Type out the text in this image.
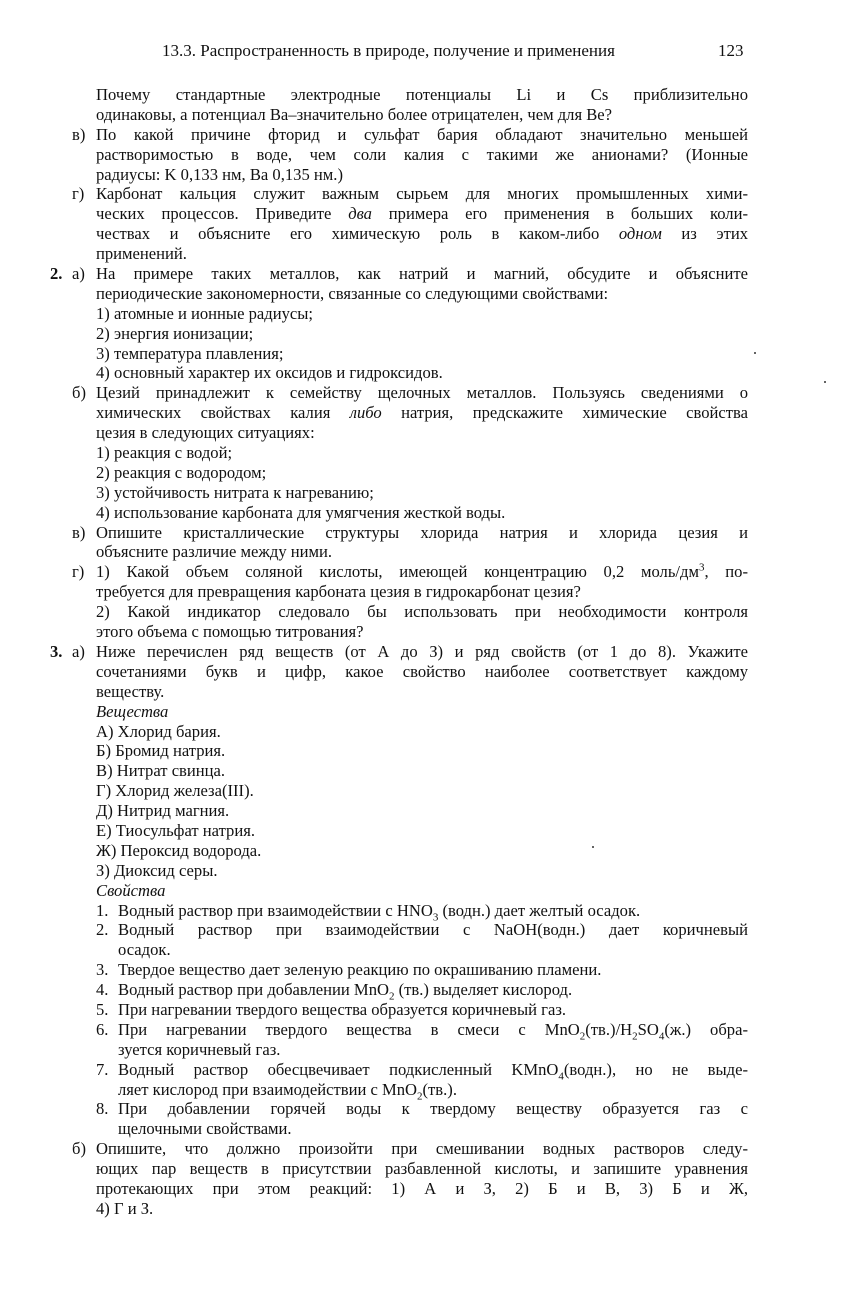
13.3. Распространенность в природе, получение и применения	123
Почему стандартные электродные потенциалы Li и Cs приблизительно
одинаковы, а потенциал Ba–значительно более отрицателен, чем для Be?
в) По какой причине фторид и сульфат бария обладают значительно меньшей
растворимостью в воде, чем соли калия с такими же анионами? (Ионные
радиусы: K 0,133 нм, Ba 0,135 нм.)
г) Карбонат кальция служит важным сырьем для многих промышленных хими-
ческих процессов. Приведите два примера его применения в больших коли-
чествах и объясните его химическую роль в каком-либо одном из этих
применений.
2. а) На примере таких металлов, как натрий и магний, обсудите и объясните
периодические закономерности, связанные со следующими свойствами:
1) атомные и ионные радиусы;
2) энергия ионизации;
3) температура плавления;
4) основный характер их оксидов и гидроксидов.
б) Цезий принадлежит к семейству щелочных металлов. Пользуясь сведениями о
химических свойствах калия либо натрия, предскажите химические свойства
цезия в следующих ситуациях:
1) реакция с водой;
2) реакция с водородом;
3) устойчивость нитрата к нагреванию;
4) использование карбоната для умягчения жесткой воды.
в) Опишите кристаллические структуры хлорида натрия и хлорида цезия и
объясните различие между ними.
г) 1) Какой объем соляной кислоты, имеющей концентрацию 0,2 моль/$дм^3$, по-
требуется для превращения карбоната цезия в гидрокарбонат цезия?
2) Какой индикатор следовало бы использовать при необходимости контроля
этого объема с помощью титрования?
3. а) Ниже перечислен ряд веществ (от А до З) и ряд свойств (от 1 до 8). Укажите
сочетаниями букв и цифр, какое свойство наиболее соответствует каждому
веществу.
Вещества
А) Хлорид бария.
Б) Бромид натрия.
В) Нитрат свинца.
Г) Хлорид железа(III).
Д) Нитрид магния.
Е) Тиосульфат натрия.
Ж) Пероксид водорода.
З) Диоксид серы.
Свойства
1. Водный раствор при взаимодействии с $HNO_3$ (водн.) дает желтый осадок.
2. Водный раствор при взаимодействии с NaOH(водн.) дает коричневый
осадок.
3. Твердое вещество дает зеленую реакцию по окрашиванию пламени.
4. Водный раствор при добавлении MnO$_2$ (тв.) выделяет кислород.
5. При нагревании твердого вещества образуется коричневый газ.
6. При нагревании твердого вещества в смеси с $MnO_2(тв.)/H_2SO_4(ж.)$ обра-
зуется коричневый газ.
7. Водный раствор обесцвечивает подкисленный KMnO$_4$(водн.), но не выде-
ляет кислород при взаимодействии с MnO$_2$(тв.).
8. При добавлении горячей воды к твердому веществу образуется газ с
щелочными свойствами.
б) Опишите, что должно произойти при смешивании водных растворов следу-
ющих пар веществ в присутствии разбавленной кислоты, и запишите уравнения
протекающих при этом реакций: 1) А и З, 2) Б и В, 3) Б и Ж,
4) Г и З.
